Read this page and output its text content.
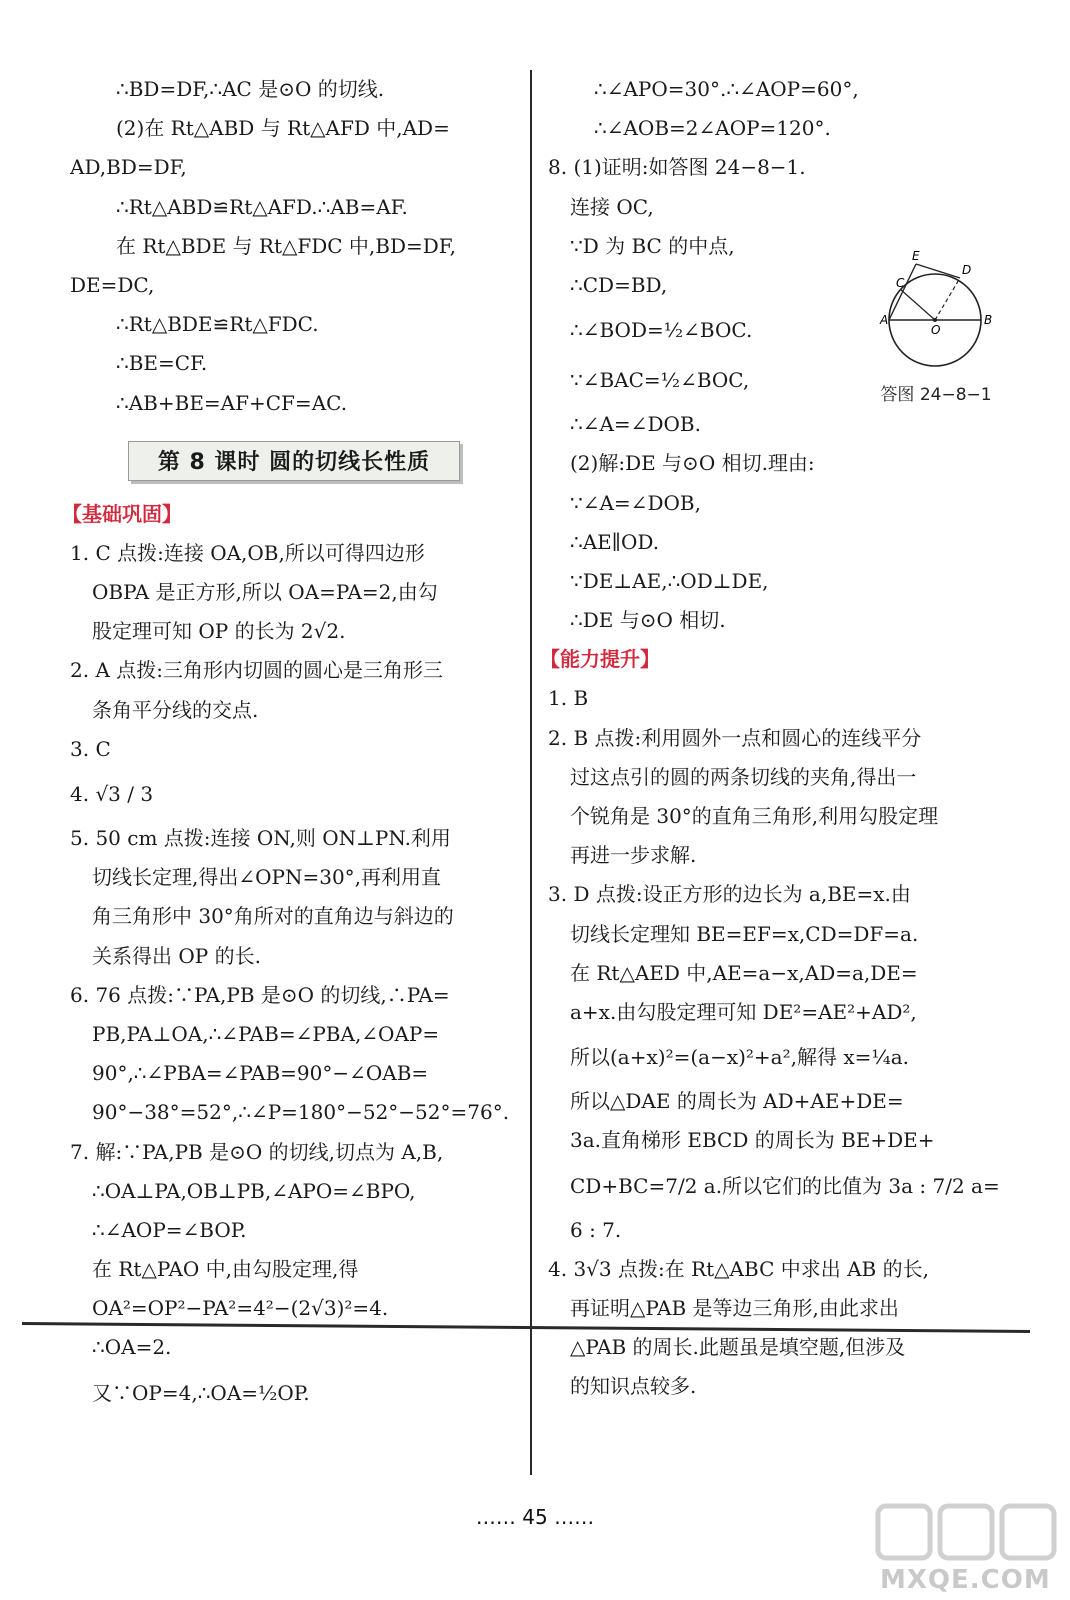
∴BD=DF,∴AC 是⊙O 的切线.
(2)在 Rt△ABD 与 Rt△AFD 中,AD=
AD,BD=DF,
∴Rt△ABD≌Rt△AFD.∴AB=AF.
在 Rt△BDE 与 Rt△FDC 中,BD=DF,
DE=DC,
∴Rt△BDE≌Rt△FDC.
∴BE=CF.
∴AB+BE=AF+CF=AC.
第 8 课时 圆的切线长性质
【基础巩固】
1. C 点拨:连接 OA,OB,所以可得四边形
OBPA 是正方形,所以 OA=PA=2,由勾
股定理可知 OP 的长为 2√2.
2. A 点拨:三角形内切圆的圆心是三角形三
条角平分线的交点.
3. C
4. √3 / 3
5. 50 cm 点拨:连接 ON,则 ON⊥PN.利用
切线长定理,得出∠OPN=30°,再利用直
角三角形中 30°角所对的直角边与斜边的
关系得出 OP 的长.
6. 76 点拨:∵PA,PB 是⊙O 的切线,∴PA=
PB,PA⊥OA,∴∠PAB=∠PBA,∠OAP=
90°,∴∠PBA=∠PAB=90°−∠OAB=
90°−38°=52°,∴∠P=180°−52°−52°=76°.
7. 解:∵PA,PB 是⊙O 的切线,切点为 A,B,
∴OA⊥PA,OB⊥PB,∠APO=∠BPO,
∴∠AOP=∠BOP.
在 Rt△PAO 中,由勾股定理,得
OA²=OP²−PA²=4²−(2√3)²=4.
∴OA=2.
又∵OP=4,∴OA=½OP.
∴∠APO=30°.∴∠AOP=60°,
∴∠AOB=2∠AOP=120°.
8. (1)证明:如答图 24−8−1.
连接 OC,
∵D 为 BC 的中点,
∴CD=BD,
∴∠BOD=½∠BOC.
∵∠BAC=½∠BOC,
∴∠A=∠DOB.
(2)解:DE 与⊙O 相切.理由:
∵∠A=∠DOB,
∴AE∥OD.
∵DE⊥AE,∴OD⊥DE,
∴DE 与⊙O 相切.
【能力提升】
1. B
2. B 点拨:利用圆外一点和圆心的连线平分
过这点引的圆的两条切线的夹角,得出一
个锐角是 30°的直角三角形,利用勾股定理
再进一步求解.
3. D 点拨:设正方形的边长为 a,BE=x.由
切线长定理知 BE=EF=x,CD=DF=a.
在 Rt△AED 中,AE=a−x,AD=a,DE=
a+x.由勾股定理可知 DE²=AE²+AD²,
所以(a+x)²=(a−x)²+a²,解得 x=¼a.
所以△DAE 的周长为 AD+AE+DE=
3a.直角梯形 EBCD 的周长为 BE+DE+
CD+BC=7/2 a.所以它们的比值为 3a : 7/2 a=
6 : 7.
4. 3√3 点拨:在 Rt△ABC 中求出 AB 的长,
再证明△PAB 是等边三角形,由此求出
△PAB 的周长.此题虽是填空题,但涉及
的知识点较多.
E
C
D
A
O
B
答图 24−8−1
…… 45 ……
MXQE.COM
